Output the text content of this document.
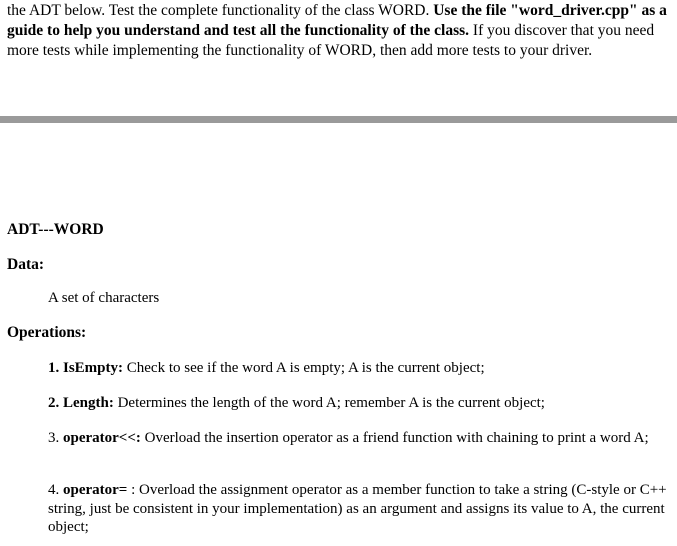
the ADT below. Test the complete functionality of the class WORD. Use the file "word_driver.cpp" as a guide to help you understand and test all the functionality of the class. If you discover that you need more tests while implementing the functionality of WORD, then add more tests to your driver.

ADT---WORD
Data:
A set of characters
Operations:
1. IsEmpty: Check to see if the word A is empty; A is the current object;
2. Length: Determines the length of the word A; remember A is the current object;
3. operator<<: Overload the insertion operator as a friend function with chaining to print a word A;
4. operator= : Overload the assignment operator as a member function to take a string (C-style or C++ string, just be consistent in your implementation) as an argument and assigns its value to A, the current object;
